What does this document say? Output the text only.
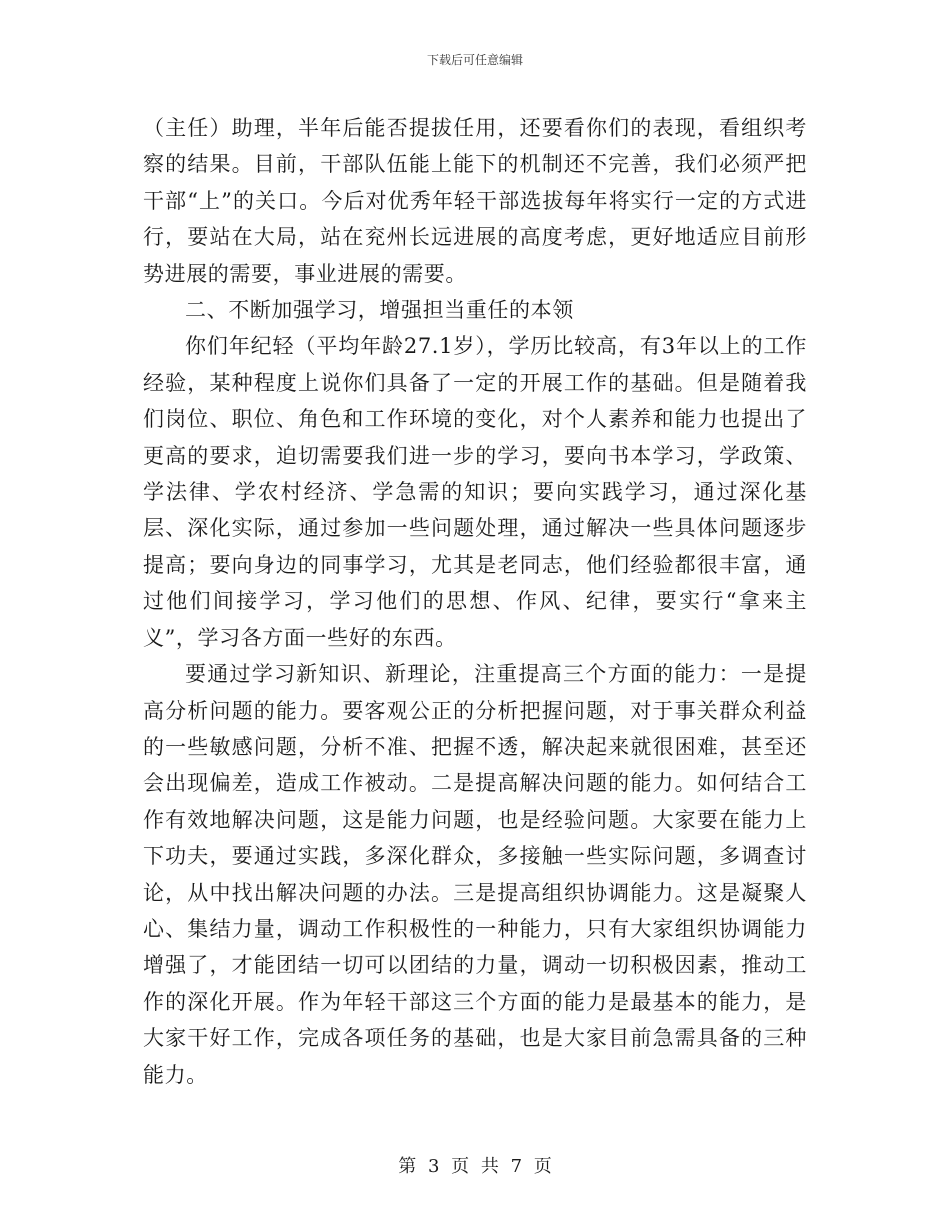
下载后可任意编辑

（主任）助理，半年后能否提拔任用，还要看你们的表现，看组织考察的结果。目前，干部队伍能上能下的机制还不完善，我们必须严把干部“上”的关口。今后对优秀年轻干部选拔每年将实行一定的方式进行，要站在大局，站在兖州长远进展的高度考虑，更好地适应目前形势进展的需要，事业进展的需要。

二、不断加强学习，增强担当重任的本领

你们年纪轻（平均年龄27.1岁），学历比较高，有3年以上的工作经验，某种程度上说你们具备了一定的开展工作的基础。但是随着我们岗位、职位、角色和工作环境的变化，对个人素养和能力也提出了更高的要求，迫切需要我们进一步的学习，要向书本学习，学政策、学法律、学农村经济、学急需的知识；要向实践学习，通过深化基层、深化实际，通过参加一些问题处理，通过解决一些具体问题逐步提高；要向身边的同事学习，尤其是老同志，他们经验都很丰富，通过他们间接学习，学习他们的思想、作风、纪律，要实行“拿来主义”，学习各方面一些好的东西。

要通过学习新知识、新理论，注重提高三个方面的能力：一是提高分析问题的能力。要客观公正的分析把握问题，对于事关群众利益的一些敏感问题，分析不准、把握不透，解决起来就很困难，甚至还会出现偏差，造成工作被动。二是提高解决问题的能力。如何结合工作有效地解决问题，这是能力问题，也是经验问题。大家要在能力上下功夫，要通过实践，多深化群众，多接触一些实际问题，多调查讨论，从中找出解决问题的办法。三是提高组织协调能力。这是凝聚人心、集结力量，调动工作积极性的一种能力，只有大家组织协调能力增强了，才能团结一切可以团结的力量，调动一切积极因素，推动工作的深化开展。作为年轻干部这三个方面的能力是最基本的能力，是大家干好工作，完成各项任务的基础，也是大家目前急需具备的三种能力。

第 3 页 共 7 页
